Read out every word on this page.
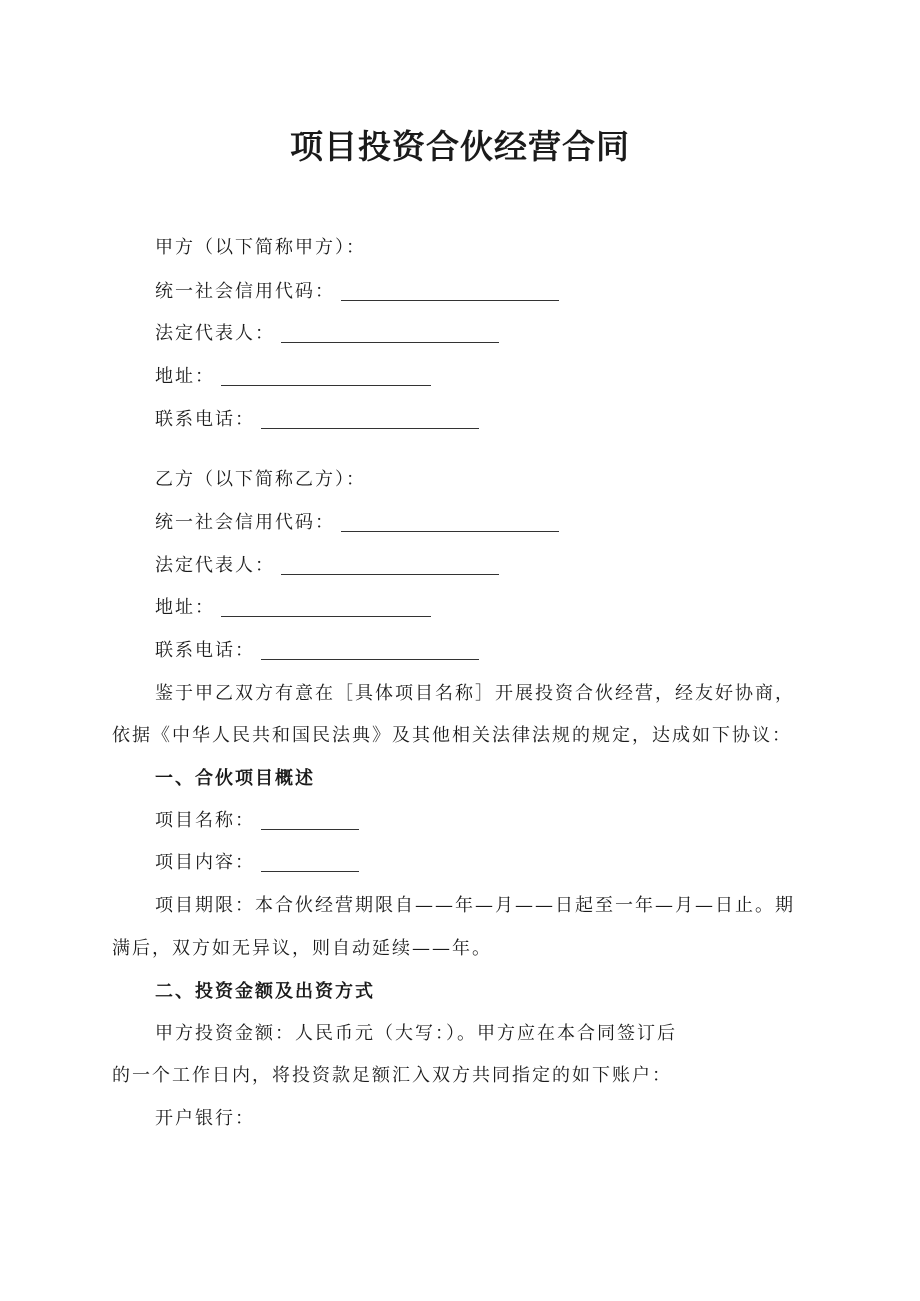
项目投资合伙经营合同
甲方（以下简称甲方）：
统一社会信用代码：
法定代表人：
地址：
联系电话：
乙方（以下简称乙方）：
统一社会信用代码：
法定代表人：
地址：
联系电话：
鉴于甲乙双方有意在［具体项目名称］开展投资合伙经营，经友好协商，
依据《中华人民共和国民法典》及其他相关法律法规的规定，达成如下协议：
一、合伙项目概述
项目名称：
项目内容：
项目期限：本合伙经营期限自——年—月——日起至一年—月—日止。期
满后，双方如无异议，则自动延续——年。
二、投资金额及出资方式
甲方投资金额：人民币元（大写：）。甲方应在本合同签订后
的一个工作日内，将投资款足额汇入双方共同指定的如下账户：
开户银行：
